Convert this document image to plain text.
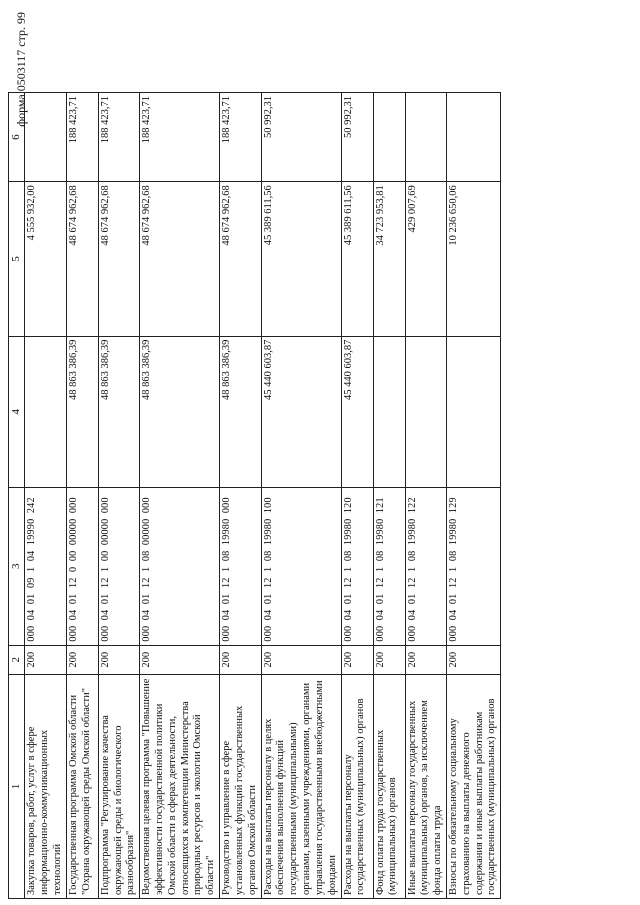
форма 0503117 стр. 99
1	2	3	4	5	6
Закупка товаров, работ, услуг в сфере информационно-коммуникационных технологий	200	000  04  01  09  1  04  19990  242		4 555 932,00	
Государственная программа Омской области "Охрана окружающей среды Омской области"	200	000  04  01  12  0  00  00000  000	48 863 386,39	48 674 962,68	188 423,71
Подпрограмма "Регулирование качества окружающей среды и биологического разнообразия"	200	000  04  01  12  1  00  00000  000	48 863 386,39	48 674 962,68	188 423,71
Ведомственная целевая программа "Повышение эффективности государственной политики Омской области в сферах деятельности, относящихся к компетенции Министерства природных ресурсов и экологии Омской области"	200	000  04  01  12  1  08  00000  000	48 863 386,39	48 674 962,68	188 423,71
Руководство и управление в сфере установленных функций государственных органов Омской области	200	000  04  01  12  1  08  19980  000	48 863 386,39	48 674 962,68	188 423,71
Расходы на выплаты персоналу в целях обеспечения выполнения функций государственными (муниципальными) органами, казенными учреждениями, органами управления государственными внебюджетными фондами	200	000  04  01  12  1  08  19980  100	45 440 603,87	45 389 611,56	50 992,31
Расходы на выплаты персоналу государственных (муниципальных) органов	200	000  04  01  12  1  08  19980  120	45 440 603,87	45 389 611,56	50 992,31
Фонд оплаты труда государственных (муниципальных) органов	200	000  04  01  12  1  08  19980  121		34 723 953,81	
Иные выплаты персоналу государственных (муниципальных) органов, за исключением фонда оплаты труда	200	000  04  01  12  1  08  19980  122		429 007,69	
Взносы по обязательному социальному страхованию на выплаты денежного содержания и иные выплаты работникам государственных (муниципальных) органов	200	000  04  01  12  1  08  19980  129		10 236 650,06	
